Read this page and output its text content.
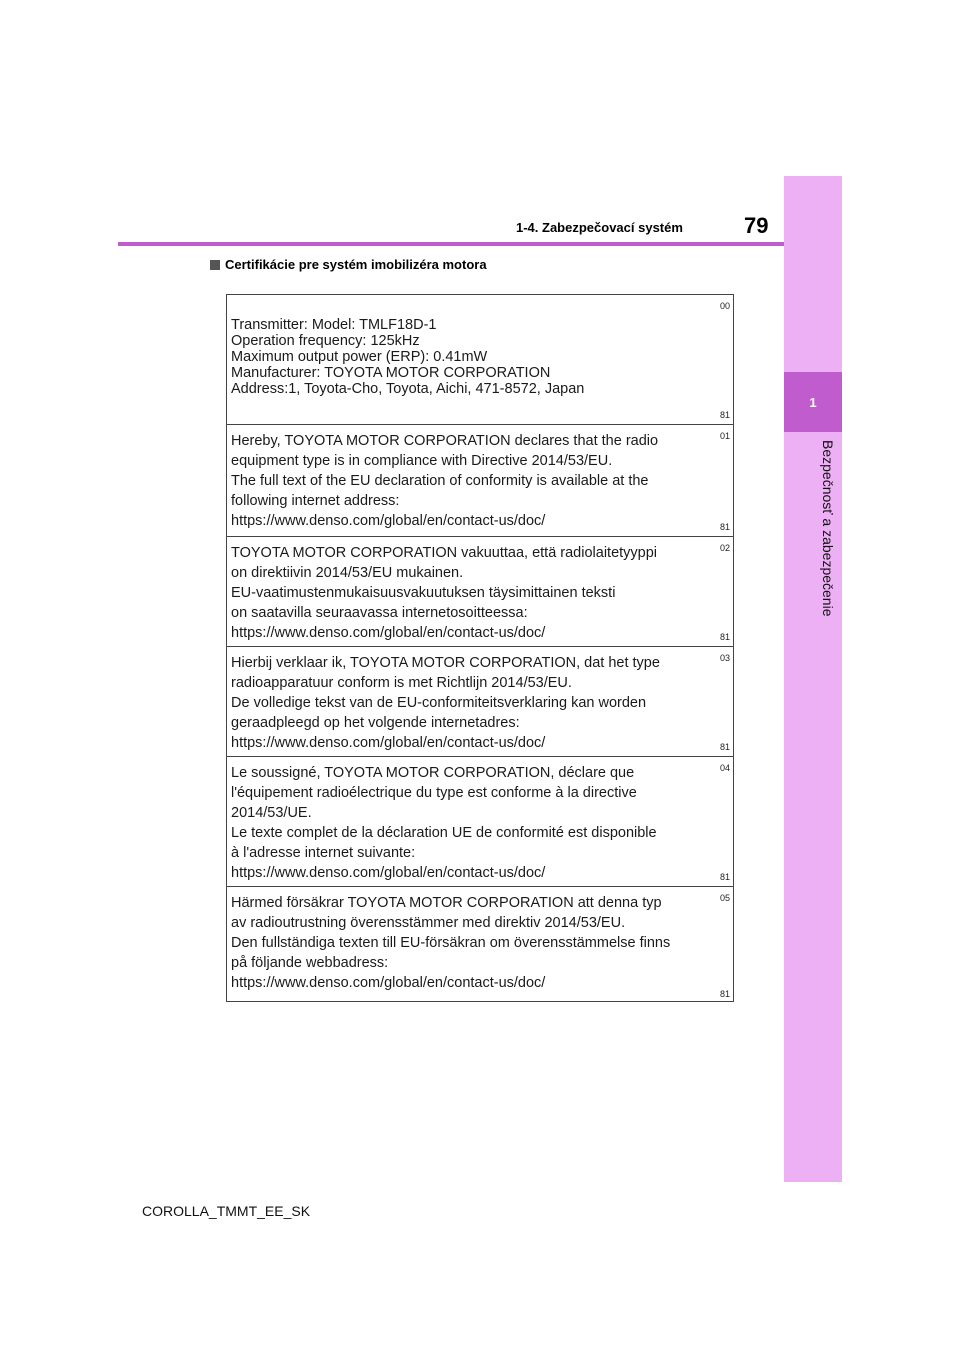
1
Bezpečnosť a zabezpečenie
1-4. Zabezpečovací systém	79
Certifikácie pre systém imobilizéra motora
00
Transmitter: Model: TMLF18D-1
Operation frequency: 125kHz
Maximum output power (ERP): 0.41mW
Manufacturer: TOYOTA MOTOR CORPORATION
Address:1, Toyota-Cho, Toyota, Aichi, 471-8572, Japan
81
01
Hereby, TOYOTA MOTOR CORPORATION declares that the radio
equipment type is in compliance with Directive 2014/53/EU.
The full text of the EU declaration of conformity is available at the
following internet address:
https://www.denso.com/global/en/contact-us/doc/	81
02
TOYOTA MOTOR CORPORATION vakuuttaa, että radiolaitetyyppi
on direktiivin 2014/53/EU mukainen.
EU-vaatimustenmukaisuusvakuutuksen täysimittainen teksti
on saatavilla seuraavassa internetosoitteessa:
https://www.denso.com/global/en/contact-us/doc/	81
03
Hierbij verklaar ik, TOYOTA MOTOR CORPORATION, dat het type
radioapparatuur conform is met Richtlijn 2014/53/EU.
De volledige tekst van de EU-conformiteitsverklaring kan worden
geraadpleegd op het volgende internetadres:
https://www.denso.com/global/en/contact-us/doc/	81
04
Le soussigné, TOYOTA MOTOR CORPORATION, déclare que
l'équipement radioélectrique du type est conforme à la directive
2014/53/UE.
Le texte complet de la déclaration UE de conformité est disponible
à l'adresse internet suivante:
https://www.denso.com/global/en/contact-us/doc/	81
05
Härmed försäkrar TOYOTA MOTOR CORPORATION att denna typ
av radioutrustning överensstämmer med direktiv 2014/53/EU.
Den fullständiga texten till EU-försäkran om överensstämmelse finns
på följande webbadress:
https://www.denso.com/global/en/contact-us/doc/
81
COROLLA_TMMT_EE_SK
